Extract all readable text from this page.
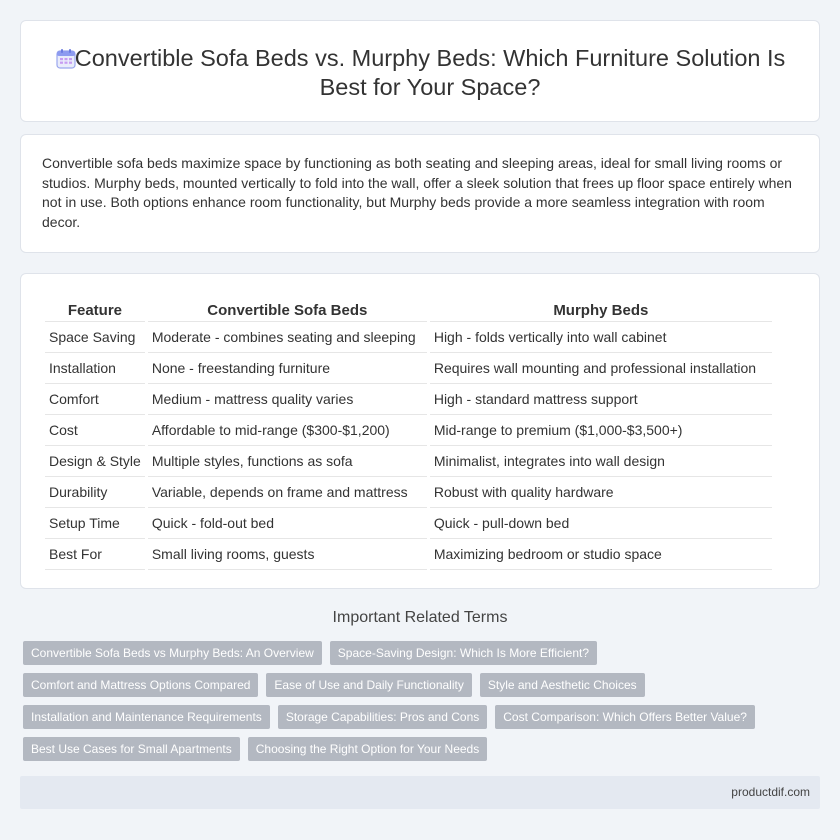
Convertible Sofa Beds vs. Murphy Beds: Which Furniture Solution Is Best for Your Space?

Convertible sofa beds maximize space by functioning as both seating and sleeping areas, ideal for small living rooms or studios. Murphy beds, mounted vertically to fold into the wall, offer a sleek solution that frees up floor space entirely when not in use. Both options enhance room functionality, but Murphy beds provide a more seamless integration with room decor.

Feature	Convertible Sofa Beds	Murphy Beds
Space Saving	Moderate - combines seating and sleeping	High - folds vertically into wall cabinet
Installation	None - freestanding furniture	Requires wall mounting and professional installation
Comfort	Medium - mattress quality varies	High - standard mattress support
Cost	Affordable to mid-range ($300-$1,200)	Mid-range to premium ($1,000-$3,500+)
Design & Style	Multiple styles, functions as sofa	Minimalist, integrates into wall design
Durability	Variable, depends on frame and mattress	Robust with quality hardware
Setup Time	Quick - fold-out bed	Quick - pull-down bed
Best For	Small living rooms, guests	Maximizing bedroom or studio space
Important Related Terms
Convertible Sofa Beds vs Murphy Beds: An Overview	Space-Saving Design: Which Is More Efficient?
Comfort and Mattress Options Compared	Ease of Use and Daily Functionality	Style and Aesthetic Choices
Installation and Maintenance Requirements	Storage Capabilities: Pros and Cons	Cost Comparison: Which Offers Better Value?
Best Use Cases for Small Apartments	Choosing the Right Option for Your Needs
productdif.com
